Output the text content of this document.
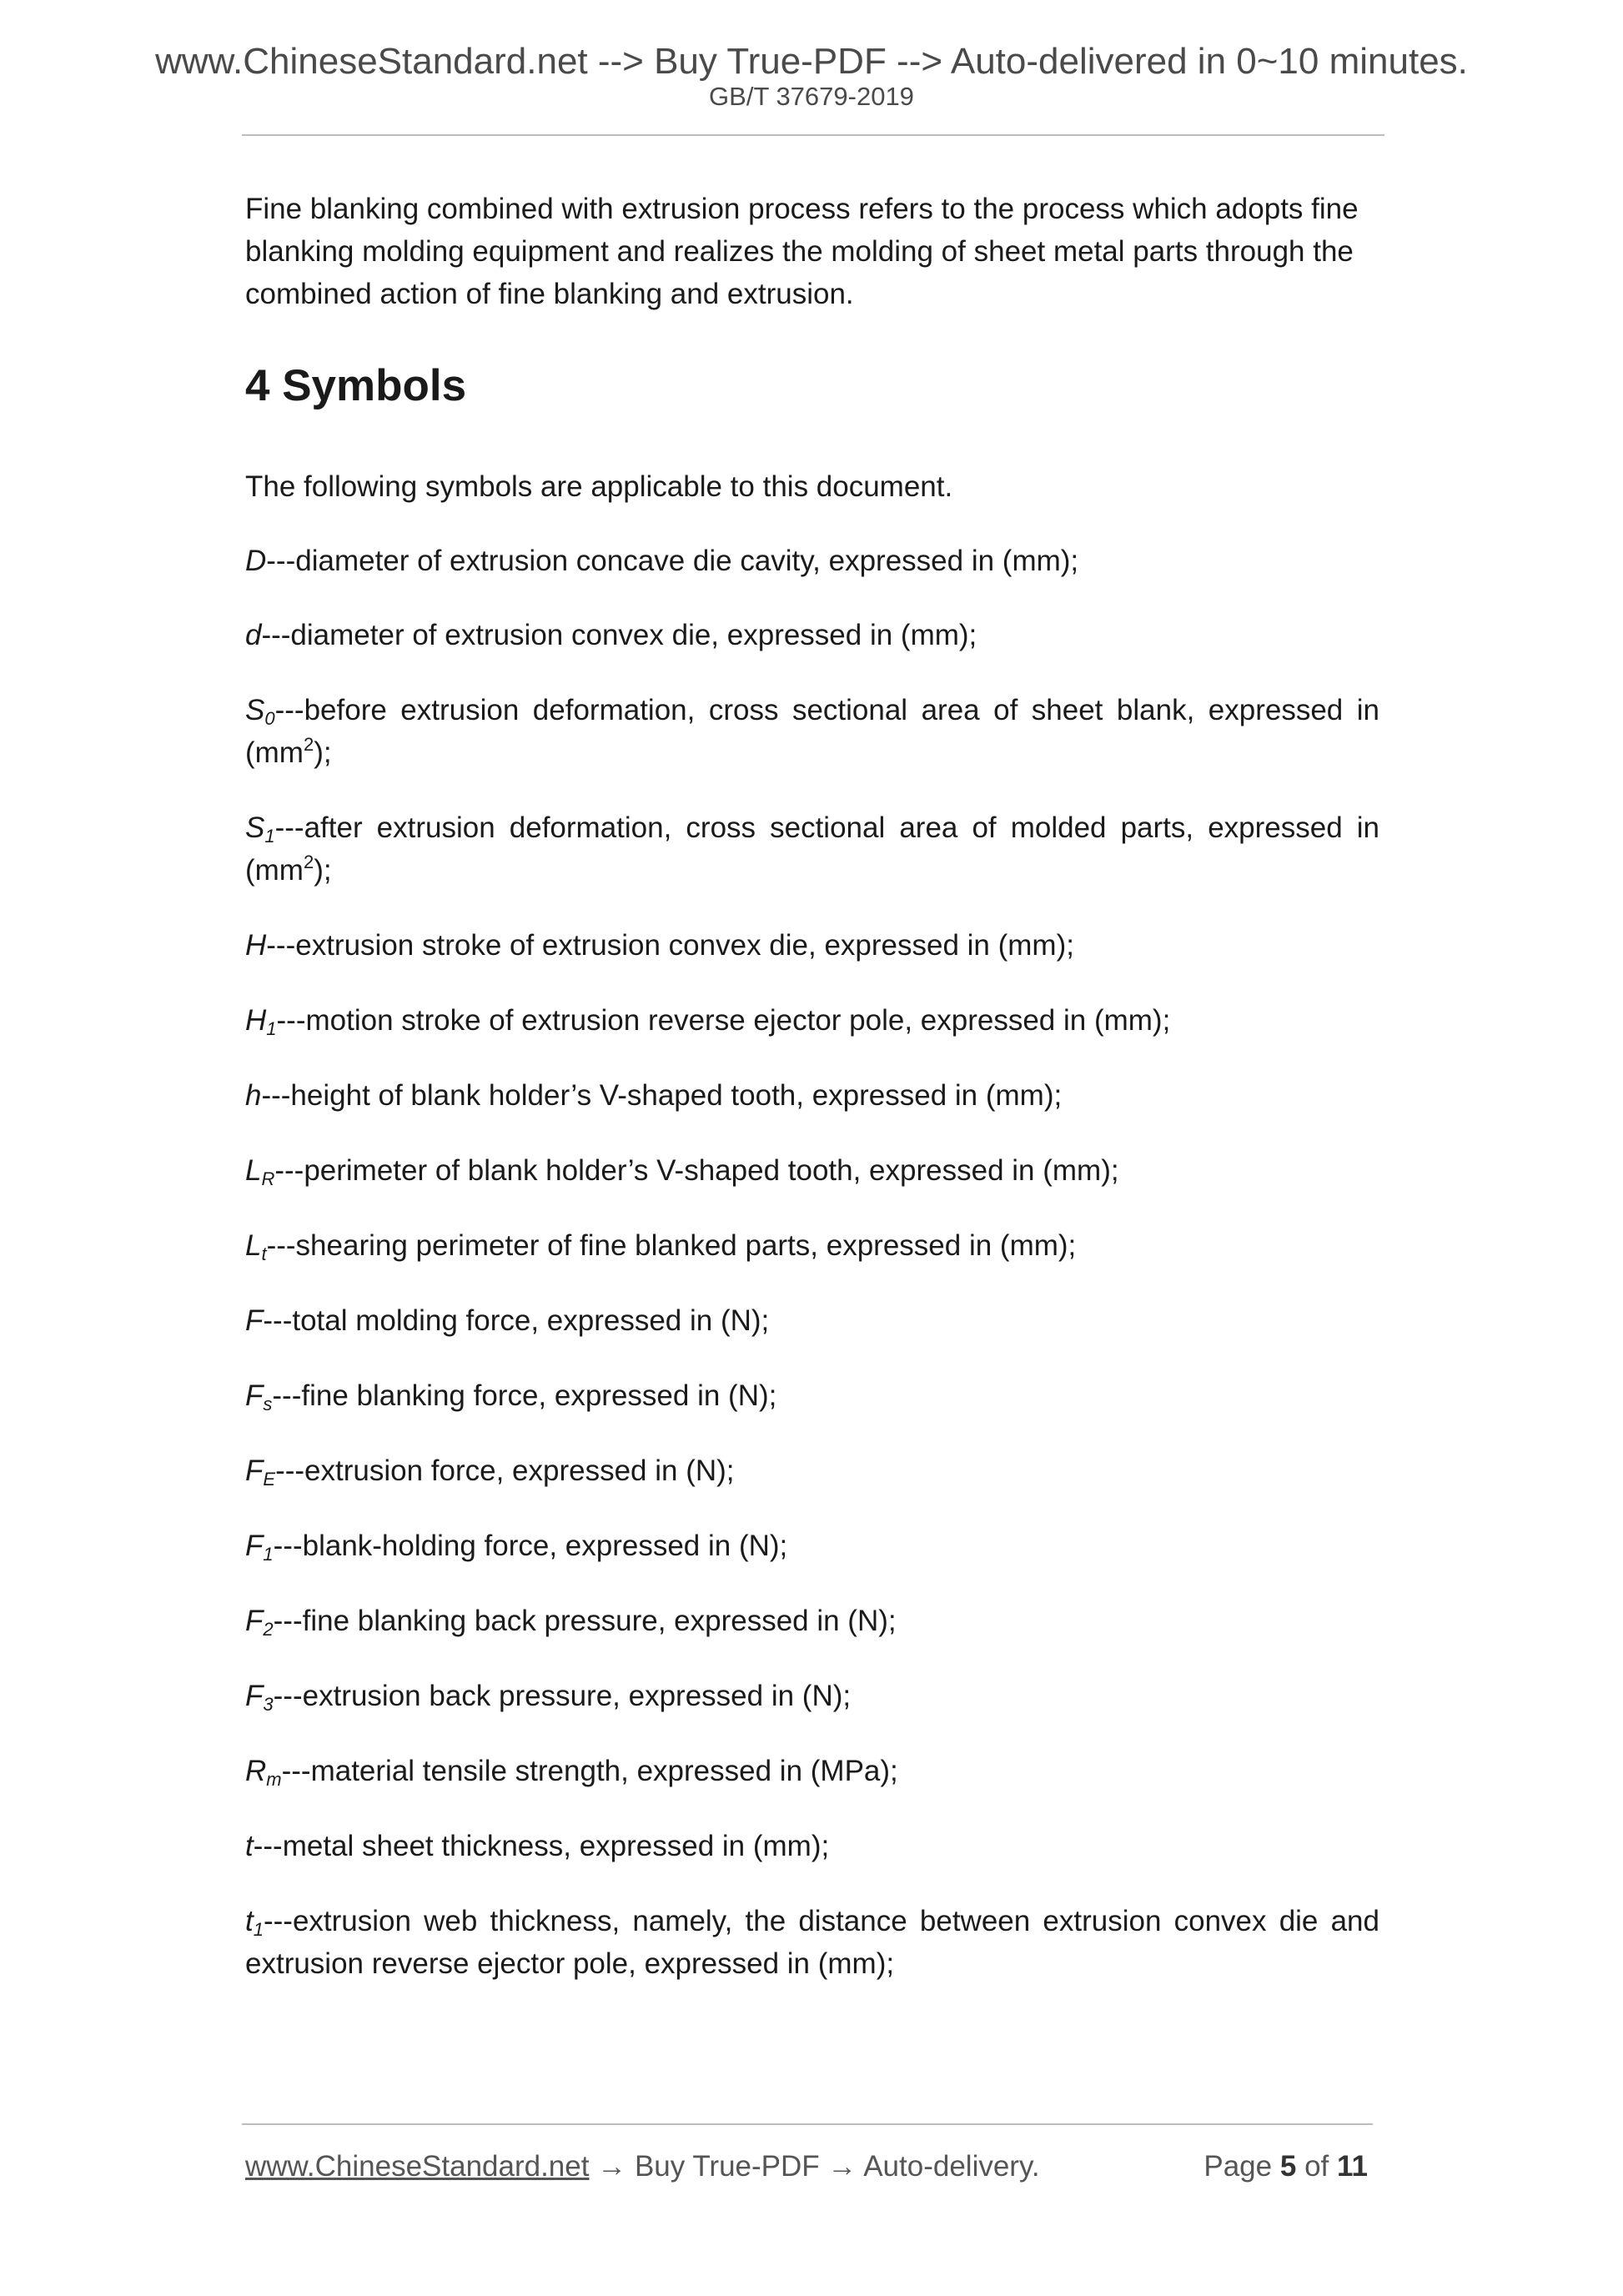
www.ChineseStandard.net --> Buy True-PDF --> Auto-delivered in 0~10 minutes.
GB/T 37679-2019

Fine blanking combined with extrusion process refers to the process which adopts fine blanking molding equipment and realizes the molding of sheet metal parts through the combined action of fine blanking and extrusion.

4 Symbols

The following symbols are applicable to this document.

D---diameter of extrusion concave die cavity, expressed in (mm);

d---diameter of extrusion convex die, expressed in (mm);

$S_0--$-before extrusion deformation, cross sectional area of sheet blank, expressed in $(mm^2)$;

$S_1--$-after extrusion deformation, cross sectional area of molded parts, expressed in $(mm^2)$;

H---extrusion stroke of extrusion convex die, expressed in (mm);

$H_1--$-motion stroke of extrusion reverse ejector pole, expressed in (mm);

h---height of blank holder’s V-shaped tooth, expressed in (mm);

$L_R--$-perimeter of blank holder’s V-shaped tooth, expressed in (mm);

$L_t--$-shearing perimeter of fine blanked parts, expressed in (mm);

F---total molding force, expressed in (N);

$F_s--$-fine blanking force, expressed in (N);

$F_E--$-extrusion force, expressed in (N);

$F_1---blank$-holding force, expressed in (N);

$F_2--$-fine blanking back pressure, expressed in (N);

$F_3--$-extrusion back pressure, expressed in (N);

$R_m--$-material tensile strength, expressed in (MPa);

t---metal sheet thickness, expressed in (mm);

$t_1--$-extrusion web thickness, namely, the distance between extrusion convex die and extrusion reverse ejector pole, expressed in (mm);

www.ChineseStandard.net → Buy True-PDF → Auto-delivery.	Page 5 of 11
